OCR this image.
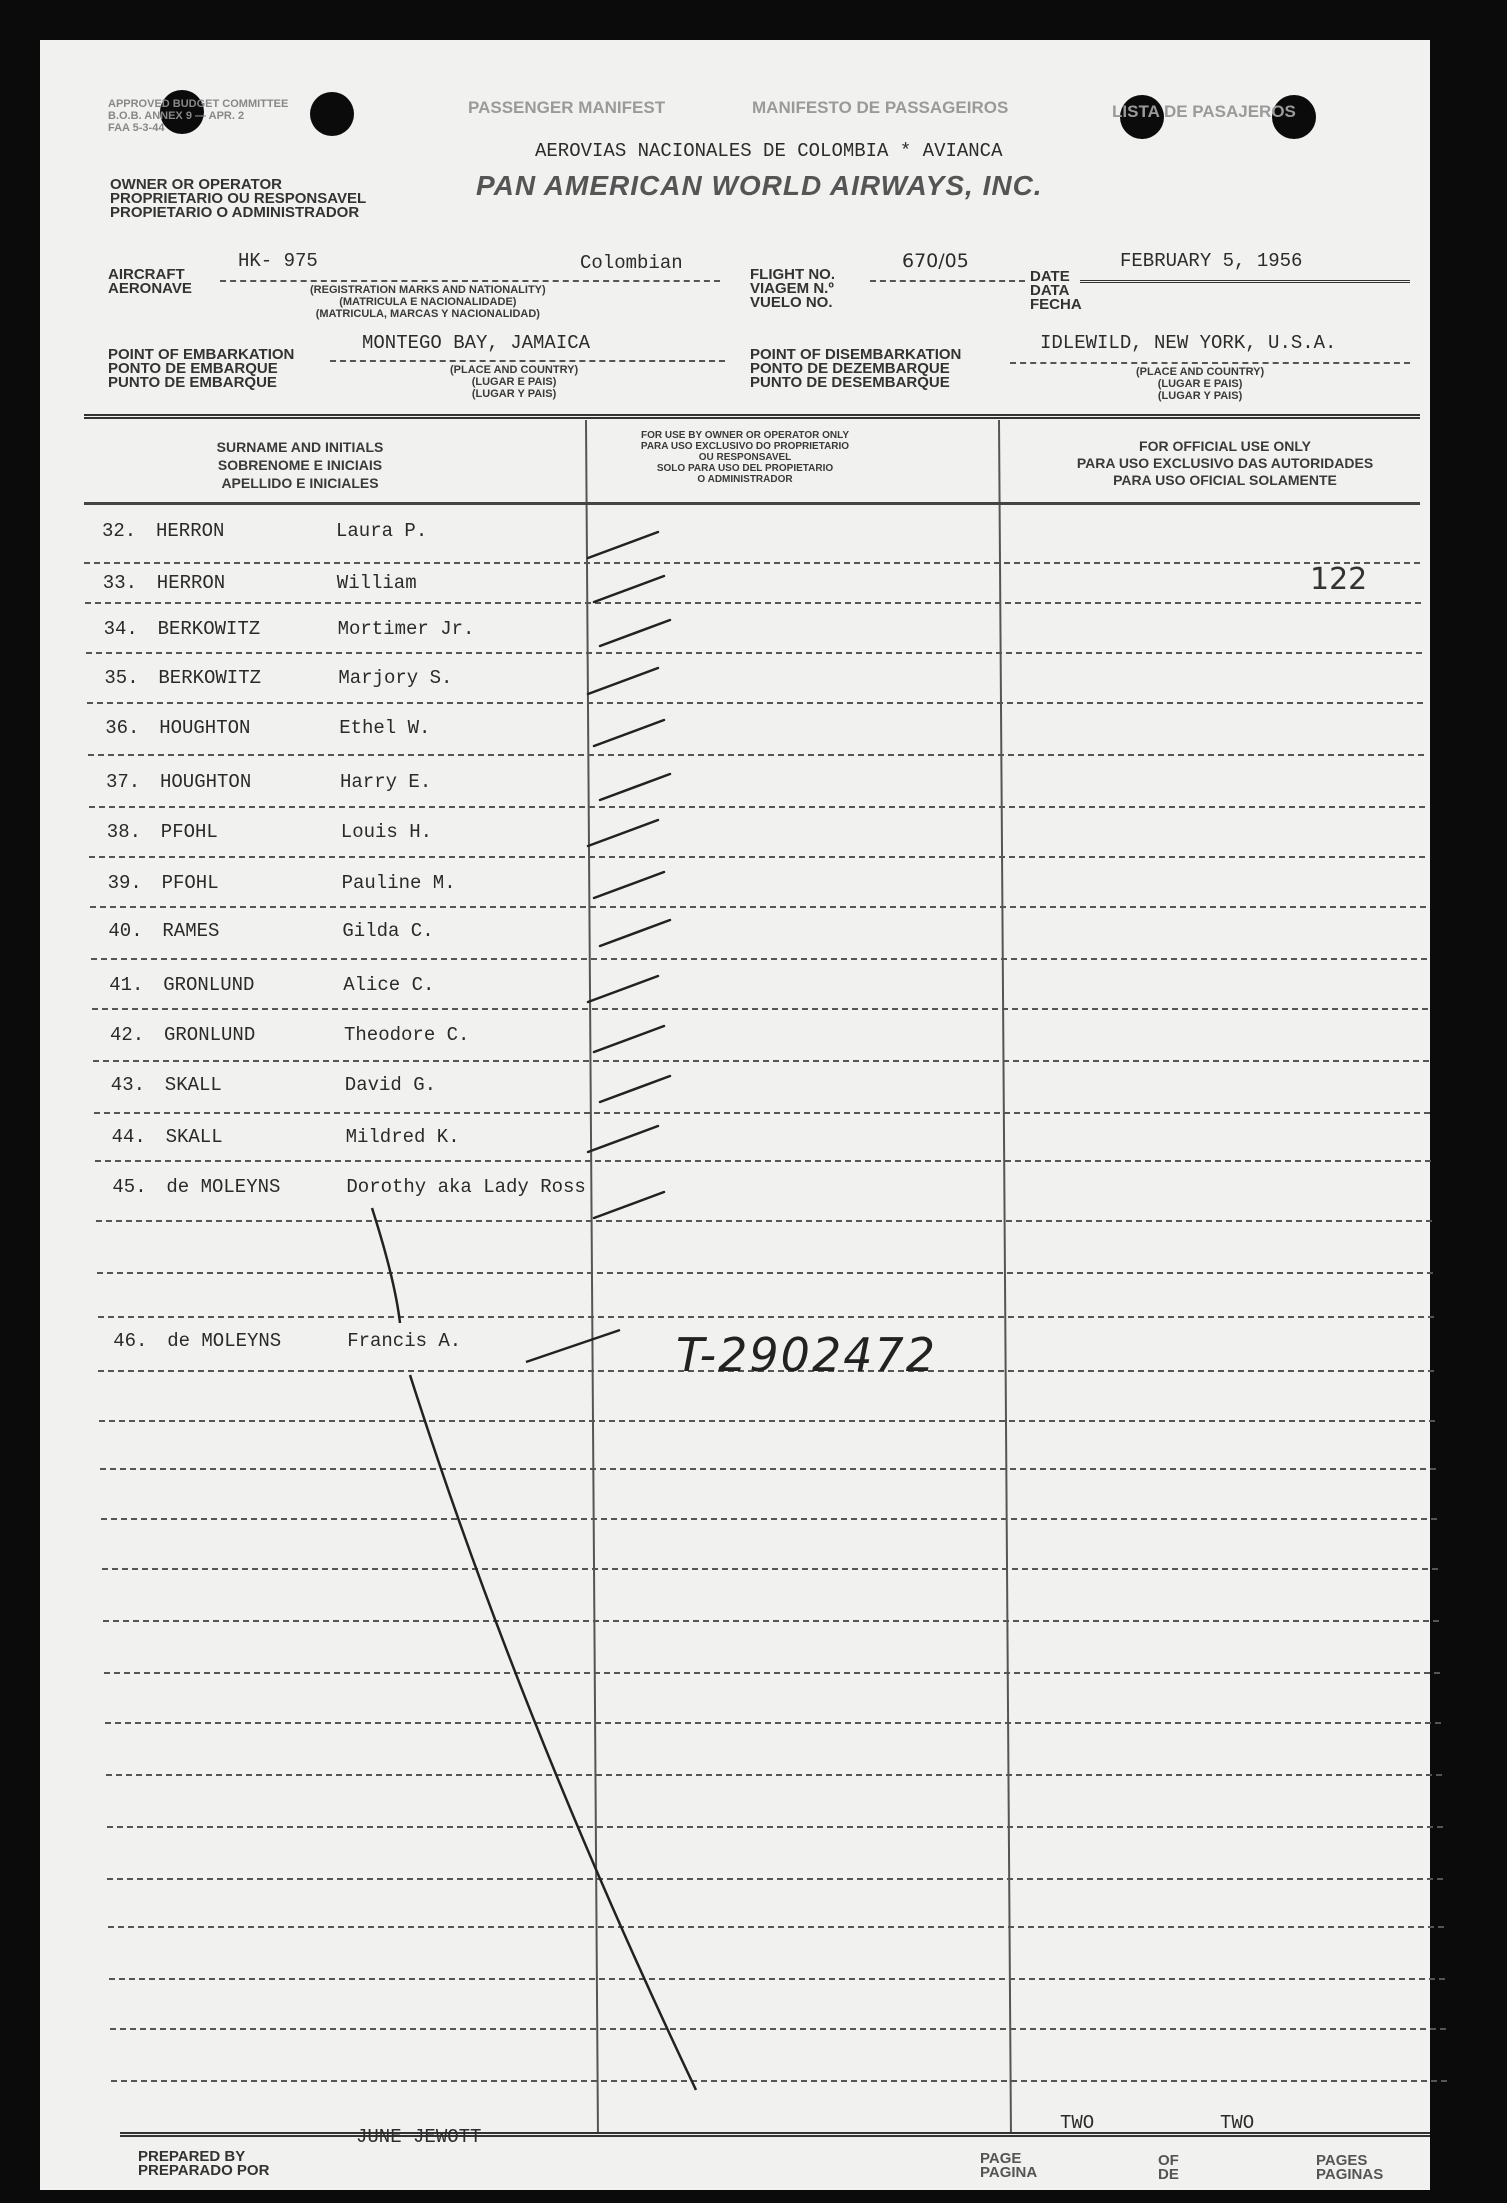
APPROVED BUDGET COMMITTEE
B.O.B. ANNEX 9 — APR. 2
FAA 5-3-44
PASSENGER MANIFEST	MANIFESTO DE PASSAGEIROS	LISTA DE PASAJEROS
OWNER OR OPERATOR
PROPRIETARIO OU RESPONSAVEL
PROPIETARIO O ADMINISTRADOR
AEROVIAS NACIONALES DE COLOMBIA * AVIANCA
PAN AMERICAN WORLD AIRWAYS, INC.
AIRCRAFT
AERONAVE
HK- 975	Colombian
(REGISTRATION MARKS AND NATIONALITY)
(MATRICULA E NACIONALIDADE)
(MATRICULA, MARCAS Y NACIONALIDAD)
FLIGHT NO.
VIAGEM N.º
VUELO NO.
670/05
DATE
DATA
FECHA
FEBRUARY 5, 1956
POINT OF EMBARKATION
PONTO DE EMBARQUE
PUNTO DE EMBARQUE
MONTEGO BAY, JAMAICA
(PLACE AND COUNTRY)
(LUGAR E PAIS)
(LUGAR Y PAIS)
POINT OF DISEMBARKATION
PONTO DE DEZEMBARQUE
PUNTO DE DESEMBARQUE
IDLEWILD, NEW YORK, U.S.A.
(PLACE AND COUNTRY)
(LUGAR E PAIS)
(LUGAR Y PAIS)
SURNAME AND INITIALS
SOBRENOME E INICIAIS
APELLIDO E INICIALES
FOR USE BY OWNER OR OPERATOR ONLY
PARA USO EXCLUSIVO DO PROPRIETARIO
OU RESPONSAVEL
SOLO PARA USO DEL PROPIETARIO
O ADMINISTRADOR
FOR OFFICIAL USE ONLY
PARA USO EXCLUSIVO DAS AUTORIDADES
PARA USO OFICIAL SOLAMENTE
32. HERRON	Laura P.
33. HERRON	William
34. BERKOWITZ	Mortimer Jr.
35. BERKOWITZ	Marjory S.
36. HOUGHTON	Ethel W.
37. HOUGHTON	Harry E.
38. PFOHL	Louis H.
39. PFOHL	Pauline M.
40. RAMES	Gilda C.
41. GRONLUND	Alice C.
42. GRONLUND	Theodore C.
43. SKALL	David G.
44. SKALL	Mildred K.
45. de MOLEYNS	Dorothy aka Lady Ross
46. de MOLEYNS	Francis A.
122
T-2902472
PREPARED BY
PREPARADO POR
JUNE JEWOTT
PAGE
PAGINA
TWO
OF
DE
TWO
PAGES
PAGINAS
